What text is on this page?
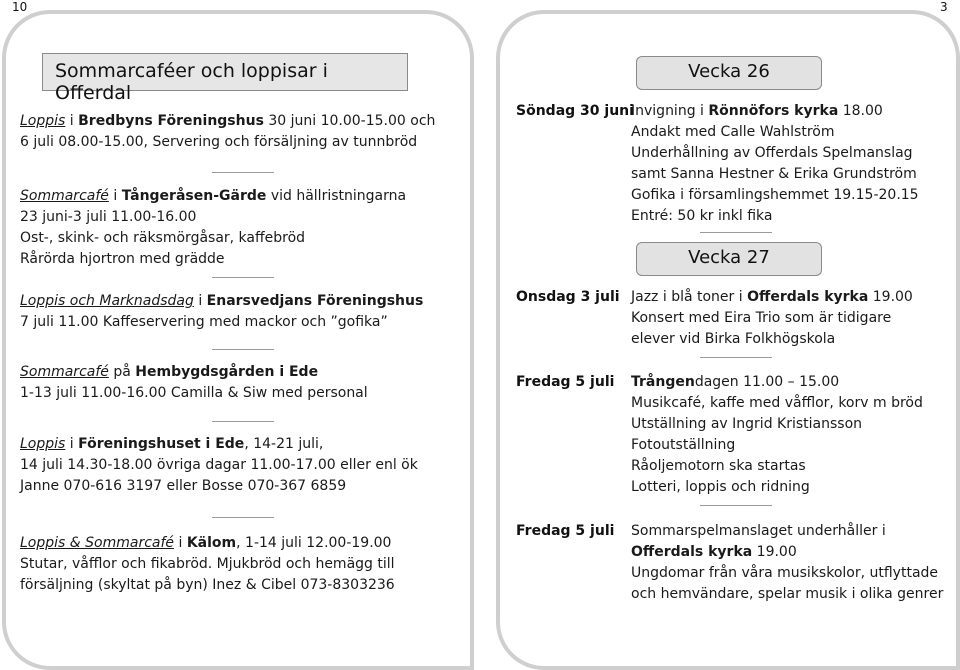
10	3
Sommarcaféer och loppisar i Offerdal
Loppis i Bredbyns Föreningshus 30 juni 10.00-15.00 och
6 juli 08.00-15.00, Servering och försäljning av tunnbröd
Sommarcafé i Tångeråsen-Gärde vid hällristningarna
23 juni-3 juli 11.00-16.00
Ost-, skink- och räksmörgåsar, kaffebröd
Rårörda hjortron med grädde
Loppis och Marknadsdag i Enarsvedjans Föreningshus
7 juli 11.00 Kaffeservering med mackor och ”gofika”
Sommarcafé på Hembygdsgården i Ede
1-13 juli 11.00-16.00 Camilla & Siw med personal
Loppis i Föreningshuset i Ede, 14-21 juli,
14 juli 14.30-18.00 övriga dagar 11.00-17.00 eller enl ök
Janne 070-616 3197 eller Bosse 070-367 6859
Loppis & Sommarcafé i Kälom, 1-14 juli 12.00-19.00
Stutar, våfflor och fikabröd. Mjukbröd och hemägg till
försäljning (skyltat på byn) Inez & Cibel 073-8303236
Vecka 26
Söndag 30 juni
Invigning i Rönnöfors kyrka 18.00
Andakt med Calle Wahlström
Underhållning av Offerdals Spelmanslag
samt Sanna Hestner & Erika Grundström
Gofika i församlingshemmet 19.15-20.15
Entré: 50 kr inkl fika
Vecka 27
Onsdag 3 juli Jazz i blå toner i Offerdals kyrka 19.00
Konsert med Eira Trio som är tidigare
elever vid Birka Folkhögskola
Fredag 5 juli Trångendagen 11.00 – 15.00
Musikcafé, kaffe med våfflor, korv m bröd
Utställning av Ingrid Kristiansson
Fotoutställning
Råoljemotorn ska startas
Lotteri, loppis och ridning
Fredag 5 juli Sommarspelmanslaget underhåller i
Offerdals kyrka 19.00
Ungdomar från våra musikskolor, utflyttade
och hemvändare, spelar musik i olika genrer
